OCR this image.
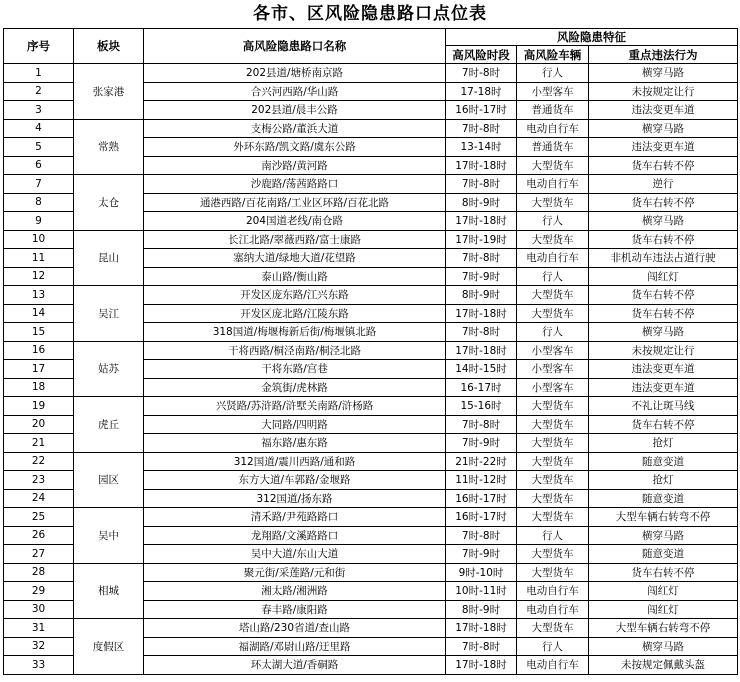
各市、区风险隐患路口点位表
序号	板块	高风险隐患路口名称	风险隐患特征		
			高风险时段	高风险车辆	重点违法行为
1	张家港	202县道/塘桥南京路	7时-8时	行人	横穿马路
2		合兴河西路/华山路	17-18时	小型客车	未按规定让行
3		202县道/晨丰公路	16时-17时	普通货车	违法变更车道
4	常熟	支梅公路/董浜大道	7时-8时	电动自行车	横穿马路
5		外环东路/凯文路/虞东公路	13-14时	普通货车	违法变更车道
6		南沙路/黄河路	17时-18时	大型货车	货车右转不停
7	太仓	沙鹿路/荡茜路路口	7时-8时	电动自行车	逆行
8		通港西路/百花南路/工业区环路/百花北路	8时-9时	大型货车	货车右转不停
9		204国道老线/南仓路	17时-18时	行人	横穿马路
10	昆山	长江北路/翠薇西路/富士康路	17时-19时	大型货车	货车右转不停
11		塞纳大道/绿地大道/花望路	7时-8时	电动自行车	非机动车违法占道行驶
12		泰山路/衡山路	7时-9时	行人	闯红灯
13	吴江	开发区庞东路/江兴东路	8时-9时	大型货车	货车右转不停
14		开发区庞北路/江陵东路	17时-18时	大型货车	货车右转不停
15		318国道/梅堰梅新后街/梅堰镇北路	7时-8时	行人	横穿马路
16	姑苏	干将西路/桐泾南路/桐泾北路	17时-18时	小型客车	未按规定让行
17		干将东路/宫巷	14时-15时	小型客车	违法变更车道
18		金筑街/虎林路	16-17时	小型客车	违法变更车道
19	虎丘	兴贤路/苏浒路/浒墅关南路/浒杨路	15-16时	大型货车	不礼让斑马线
20		大同路/四明路	7时-8时	大型货车	货车右转不停
21		福东路/惠东路	7时-9时	大型货车	抢灯
22	园区	312国道/震川西路/通和路	21时-22时	大型货车	随意变道
23		东方大道/车郭路/金堰路	11时-12时	大型货车	抢灯
24		312国道/扬东路	16时-17时	大型货车	随意变道
25	吴中	清禾路/尹苑路路口	16时-17时	大型货车	大型车辆右转弯不停
26		龙翔路/文溪路路口	7时-8时	行人	横穿马路
27		吴中大道/东山大道	7时-9时	大型货车	随意变道
28	相城	聚元街/采莲路/元和街	9时-10时	大型货车	货车右转不停
29		湘太路/湘洲路	10时-11时	电动自行车	闯红灯
30		春丰路/康阳路	8时-9时	电动自行车	闯红灯
31	度假区	塔山路/230省道/查山路	17时-18时	大型货车	大型车辆右转弯不停
32		福湖路/邓尉山路/迂里路	7时-8时	行人	横穿马路
33		环太湖大道/香硐路	17时-18时	电动自行车	未按规定佩戴头盔
